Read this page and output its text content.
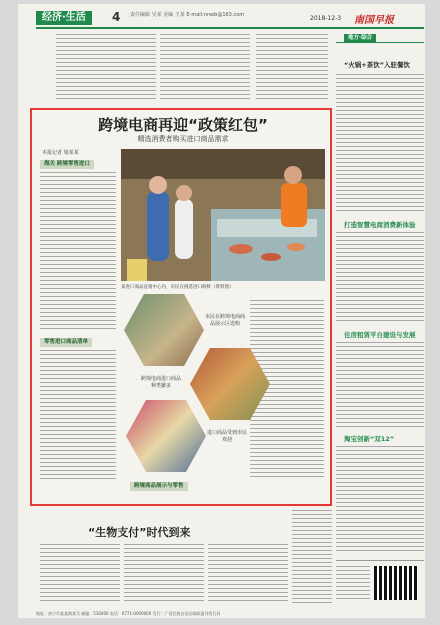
经济·生活	4 责任编辑 吴某 美编 王某 E-mail:nnwb@163.com	2018-12-3 南国早报
跨境电商再迎“政策红包”
精选消费者购买进口商品需求
本报记者 梁某某
海关 跨境零售进口
零售进口商品清单
某进口商品直销中心内，市民在挑选进口海鲜（资料图）
市民在跨境电商商品展示区选购
跨境电商进口商品种类繁多
进口商品受到市民欢迎
跨境商品展示与零售
地方·综合
“火锅+茶饮”入驻餐饮
打造智慧电商消费新体验
住房租赁平台建设与发展
淘宝创新“双12”
“生物支付”时代到来
地址：南宁市某某路某号 邮编：530000 电话：0771-0000000 发行：广西壮族自治区邮政报刊发行局
